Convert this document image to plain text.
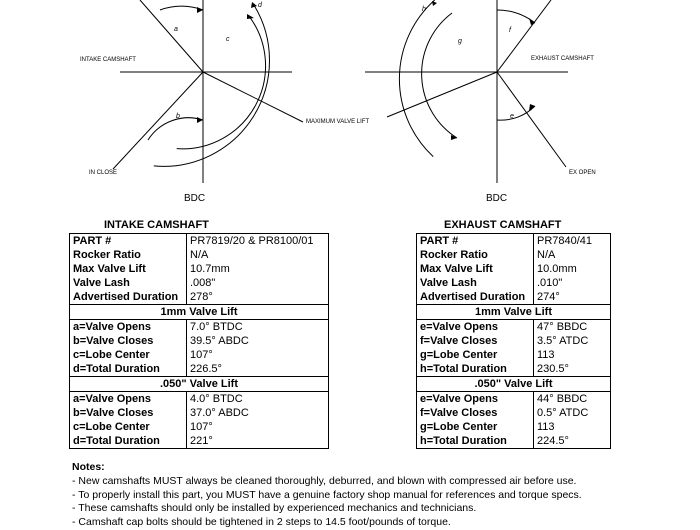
INTAKE CAMSHAFT	EXHAUST CAMSHAFT
MAXIMUM VALVE LIFT
IN CLOSE	EX OPEN
BDC	BDC
a
b
c
d
e
f
g
h
INTAKE CAMSHAFT
PART #	PR7819/20 & PR8100/01
Rocker Ratio	N/A
Max Valve Lift	10.7mm
Valve Lash	.008"
Advertised Duration	278°
1mm Valve Lift	
a=Valve Opens	7.0° BTDC
b=Valve Closes	39.5° ABDC
c=Lobe Center	107°
d=Total Duration	226.5°
.050" Valve Lift	
a=Valve Opens	4.0° BTDC
b=Valve Closes	37.0° ABDC
c=Lobe Center	107°
d=Total Duration	221°
EXHAUST CAMSHAFT
PART #	PR7840/41
Rocker Ratio	N/A
Max Valve Lift	10.0mm
Valve Lash	.010"
Advertised Duration	274°
1mm Valve Lift	
e=Valve Opens	47° BBDC
f=Valve Closes	3.5° ATDC
g=Lobe Center	113
h=Total Duration	230.5°
.050" Valve Lift	
e=Valve Opens	44° BBDC
f=Valve Closes	0.5° ATDC
g=Lobe Center	113
h=Total Duration	224.5°
Notes:
- New camshafts MUST always be cleaned thoroughly, deburred, and blown with compressed air before use.
- To properly install this part, you MUST have a genuine factory shop manual for references and torque specs.
- These camshafts should only be installed by experienced mechanics and technicians.
- Camshaft cap bolts should be tightened in 2 steps to 14.5 foot/pounds of torque.
